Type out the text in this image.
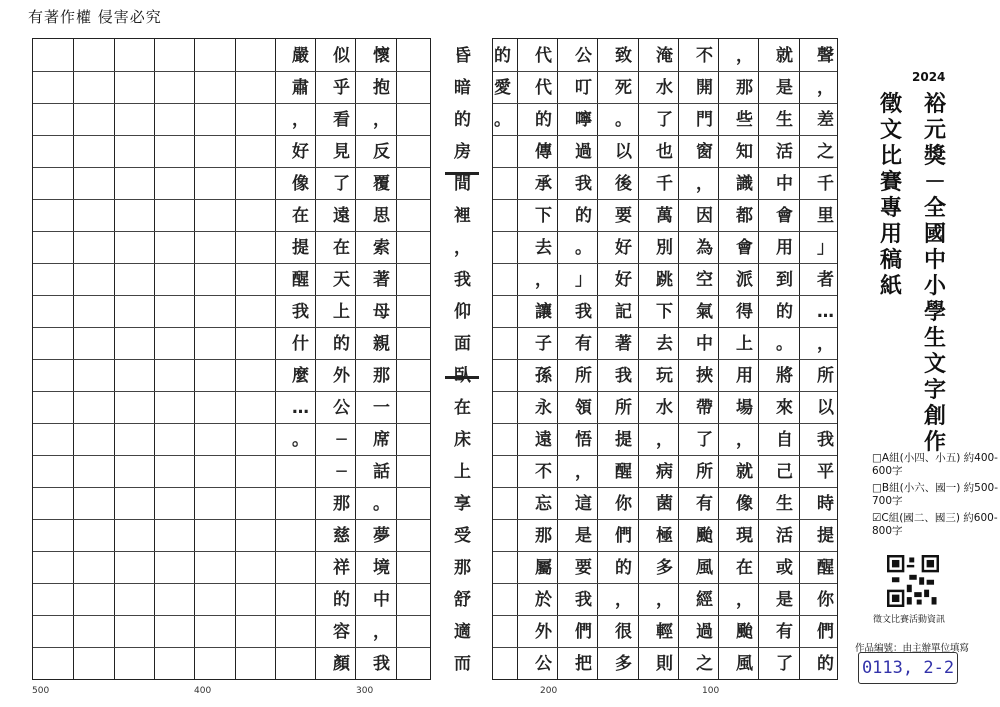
有著作權 侵害必究
聲
，
差
之
千
里
」
者
…
，
所
以
我
平
時
提
醒
你
們
的
就
是
生
活
中
會
用
到
的
。
將
來
自
己
生
活
或
是
有
了
，
那
些
知
識
都
會
派
得
上
用
場
，
就
像
現
在
，
颱
風
不
開
門
窗
，
因
為
空
氣
中
挾
帶
了
所
有
颱
風
經
過
之
淹
水
了
也
千
萬
別
跳
下
去
玩
水
，
病
菌
極
多
，
輕
則
致
死
。
以
後
要
好
好
記
著
我
所
提
醒
你
們
的
，
很
多
公
叮
嚀
過
我
的
。
」
我
有
所
領
悟
，
這
是
要
我
們
把
代
代
的
傳
承
下
去
，
讓
子
孫
永
遠
不
忘
那
屬
於
外
公
的
愛
。
昏
暗
的
房
間
裡
，
我
仰
面
臥
在
床
上
享
受
那
舒
適
而
懷
抱
，
反
覆
思
索
著
母
親
那
一
席
話
。
夢
境
中
，
我
似
乎
看
見
了
遠
在
天
上
的
外
公
─
─
那
慈
祥
的
容
顏
嚴
肅
，
好
像
在
提
醒
我
什
麼
…
。
2024
裕
元
獎
－
全
國
中
小
學
生
文
字
創
作
徵
文
比
賽
專
用
稿
紙
□A組(小四、小五) 約400-600字
□B組(小六、國一) 約500-700字
☑C組(國二、國三) 約600-800字
徵文比賽活動資訊
作品編號：由主辦單位填寫
0113, 2-2
500	400	300	200	100
